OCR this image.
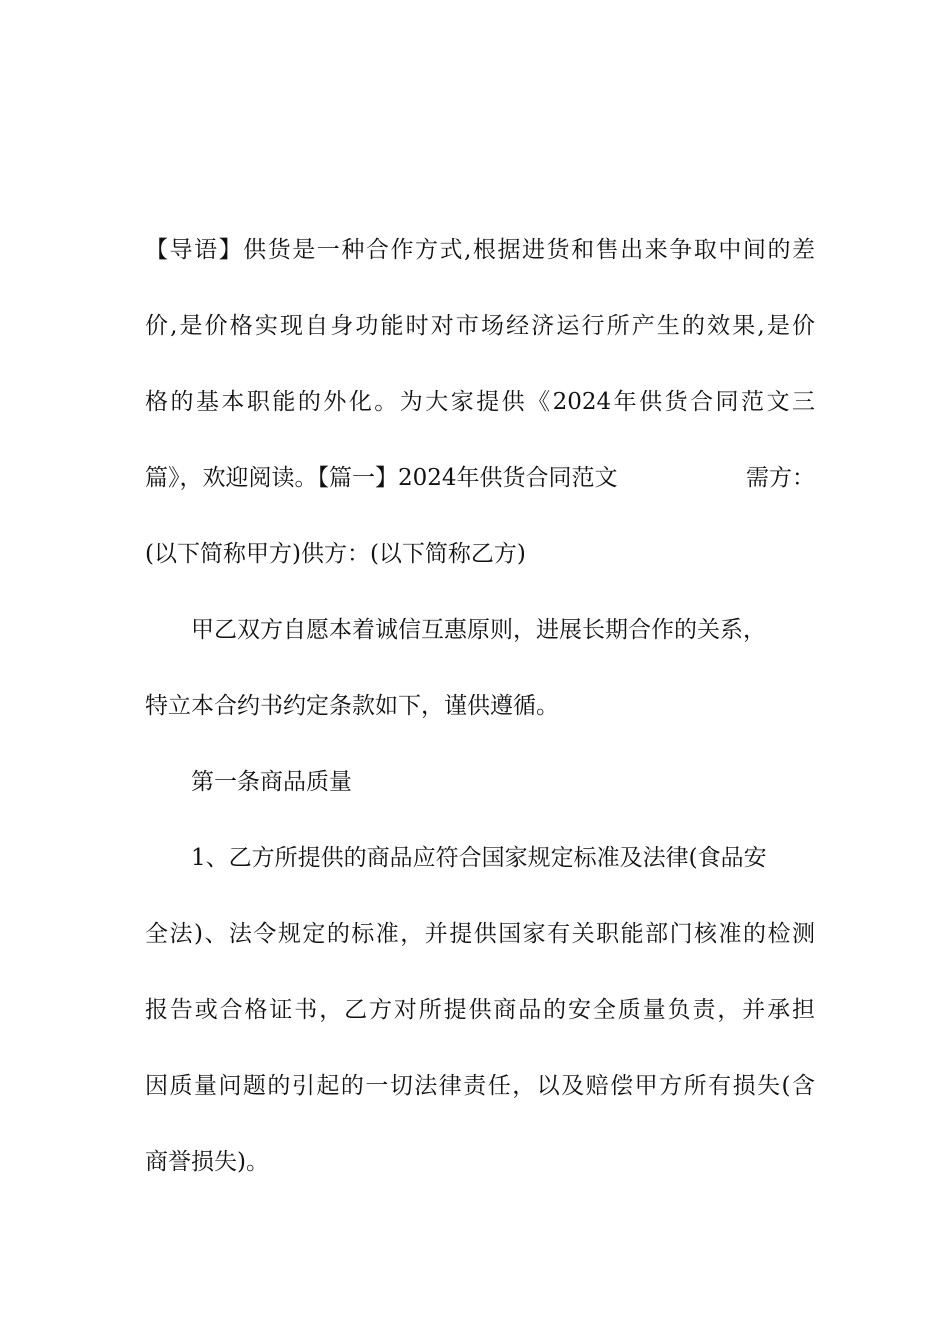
【导语】供货是一种合作方式,根据进货和售出来争取中间的差
价,是价格实现自身功能时对市场经济运行所产生的效果,是价
格的基本职能的外化。为大家提供《2024年供货合同范文三
篇》，欢迎阅读。【篇一】2024年供货合同范文	需方：
(以下简称甲方)供方：(以下简称乙方)
甲乙双方自愿本着诚信互惠原则，进展长期合作的关系，
特立本合约书约定条款如下，谨供遵循。
第一条商品质量
1、乙方所提供的商品应符合国家规定标准及法律(食品安
全法)、法令规定的标准，并提供国家有关职能部门核准的检测
报告或合格证书，乙方对所提供商品的安全质量负责，并承担
因质量问题的引起的一切法律责任，以及赔偿甲方所有损失(含
商誉损失)。
